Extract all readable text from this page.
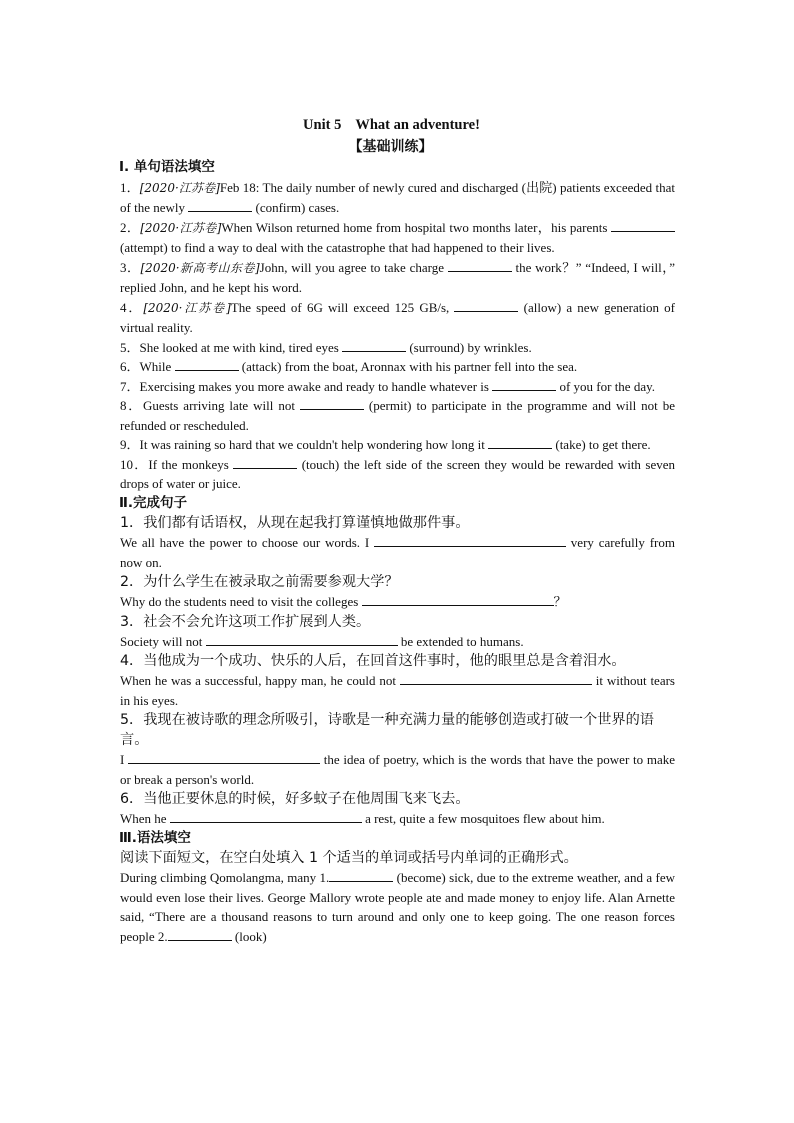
Unit 5 What an adventure!
【基础训练】
Ⅰ. 单句语法填空
1．[2020·江苏卷]Feb 18: The daily number of newly cured and discharged (出院) patients exceeded that of the newly	(confirm) cases.
2．[2020·江苏卷]When Wilson returned home from hospital two months later，his parents  (attempt) to find a way to deal with the catastrophe that had happened to their lives.
3．[2020·新高考山东卷]John, will you agree to take charge	the work？” “Indeed, I will，” replied John, and he kept his word.
4．[2020·江苏卷]The speed of 6G will exceed 125 GB/s,	(allow) a new generation of virtual reality.
5．She looked at me with kind, tired eyes	(surround) by wrinkles.
6．While	(attack) from the boat, Aronnax with his partner fell into the sea.
7．Exercising makes you more awake and ready to handle whatever is	of you for the day.
8．Guests arriving late will not	(permit) to participate in the programme and will not be refunded or rescheduled.
9．It was raining so hard that we couldn't help wondering how long it	(take) to get there.
10．If the monkeys	(touch) the left side of the screen they would be rewarded with seven drops of water or juice.
Ⅱ.完成句子
1．我们都有话语权，从现在起我打算谨慎地做那件事。
We all have the power to choose our words. I	very carefully from now on.
2．为什么学生在被录取之前需要参观大学？
Why do the students need to visit the colleges	？
3．社会不会允许这项工作扩展到人类。
Society will not	be extended to humans.
4．当他成为一个成功、快乐的人后，在回首这件事时，他的眼里总是含着泪水。
When he was a successful, happy man, he could not	it without tears in his eyes.
5．我现在被诗歌的理念所吸引，诗歌是一种充满力量的能够创造或打破一个世界的语言。
I	the idea of poetry, which is the words that have the power to make or break a person's world.
6．当他正要休息的时候，好多蚊子在他周围飞来飞去。
When he	a rest, quite a few mosquitoes flew about him.
Ⅲ.语法填空
阅读下面短文，在空白处填入 1 个适当的单词或括号内单词的正确形式。
During climbing Qomolangma, many 1.	(become) sick, due to the extreme weather, and a few would even lose their lives. George Mallory wrote people ate and made money to enjoy life. Alan Arnette said, “There are a thousand reasons to turn around and only one to keep going. The one reason forces people 2.	(look)
